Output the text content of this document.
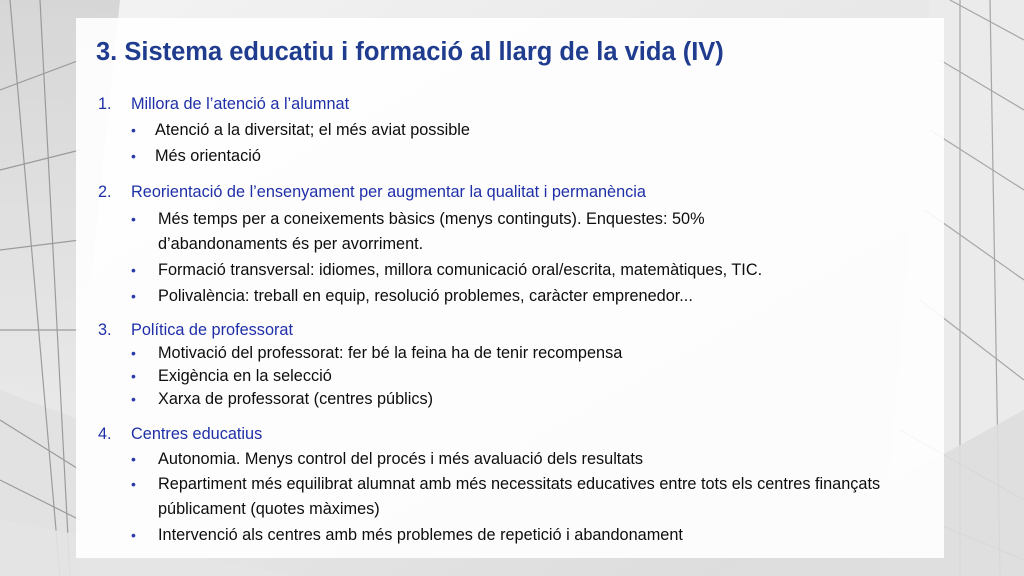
3. Sistema educatiu i formació al llarg de la vida (IV)
1. Millora de l’atenció a l’alumnat
• Atenció a la diversitat; el més aviat possible
• Més orientació
2. Reorientació de l’ensenyament per augmentar la qualitat i permanència
• Més temps per a coneixements bàsics (menys continguts). Enquestes: 50% d’abandonaments és per avorriment.
• Formació transversal: idiomes, millora comunicació oral/escrita, matemàtiques, TIC.
• Polivalència: treball en equip, resolució problemes, caràcter emprenedor...
3. Política de professorat
• Motivació del professorat: fer bé la feina ha de tenir recompensa
• Exigència en la selecció
• Xarxa de professorat (centres públics)
4. Centres educatius
• Autonomia. Menys control del procés i més avaluació dels resultats
• Repartiment més equilibrat alumnat amb més necessitats educatives entre tots els centres finançats públicament (quotes màximes)
• Intervenció als centres amb més problemes de repetició i abandonament
